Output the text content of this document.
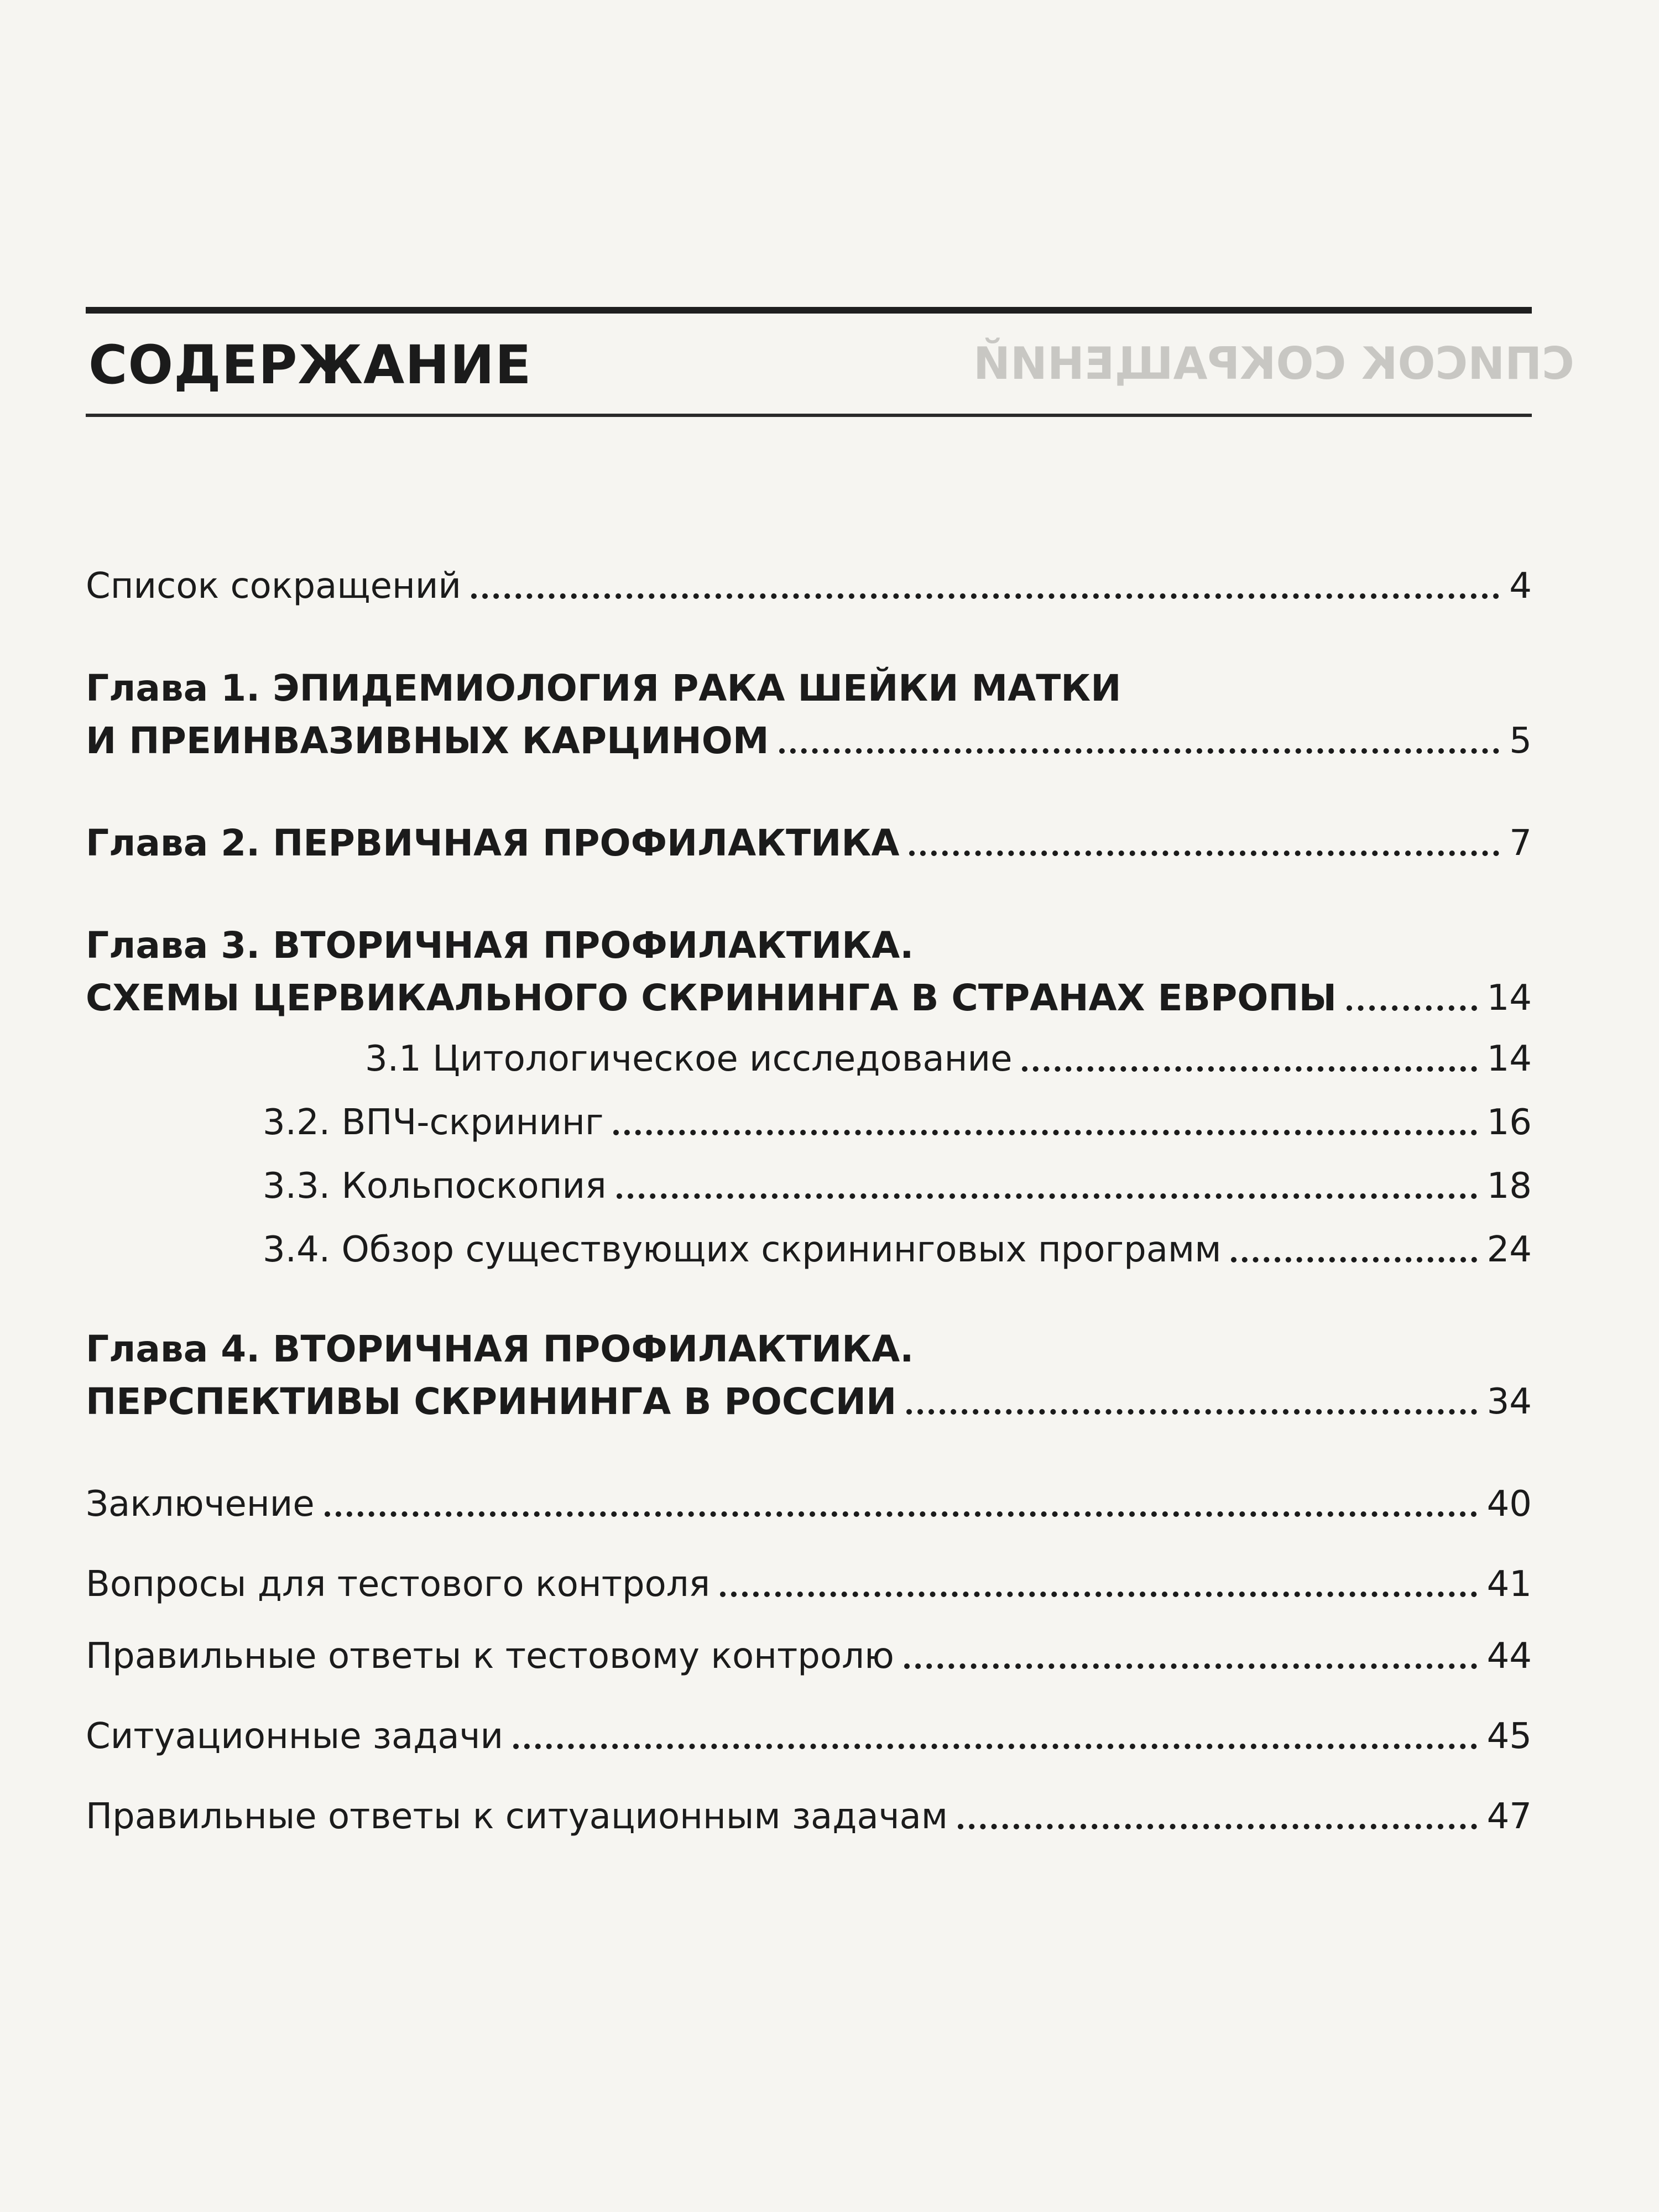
СОДЕРЖАНИЕ	СПИСОК СОКРАЩЕНИЙ
Список сокращений	4
Глава 1. ЭПИДЕМИОЛОГИЯ РАКА ШЕЙКИ МАТКИ
И ПРЕИНВАЗИВНЫХ КАРЦИНОМ	5
Глава 2. ПЕРВИЧНАЯ ПРОФИЛАКТИКА	7
Глава 3. ВТОРИЧНАЯ ПРОФИЛАКТИКА.
СХЕМЫ ЦЕРВИКАЛЬНОГО СКРИНИНГА В СТРАНАХ ЕВРОПЫ	14
3.1 Цитологическое исследование	14
3.2. ВПЧ-скрининг	16
3.3. Кольпоскопия	18
3.4. Обзор существующих скрининговых программ	24
Глава 4. ВТОРИЧНАЯ ПРОФИЛАКТИКА.
ПЕРСПЕКТИВЫ СКРИНИНГА В РОССИИ	34
Заключение	40
Вопросы для тестового контроля	41
Правильные ответы к тестовому контролю	44
Ситуационные задачи	45
Правильные ответы к ситуационным задачам	47
